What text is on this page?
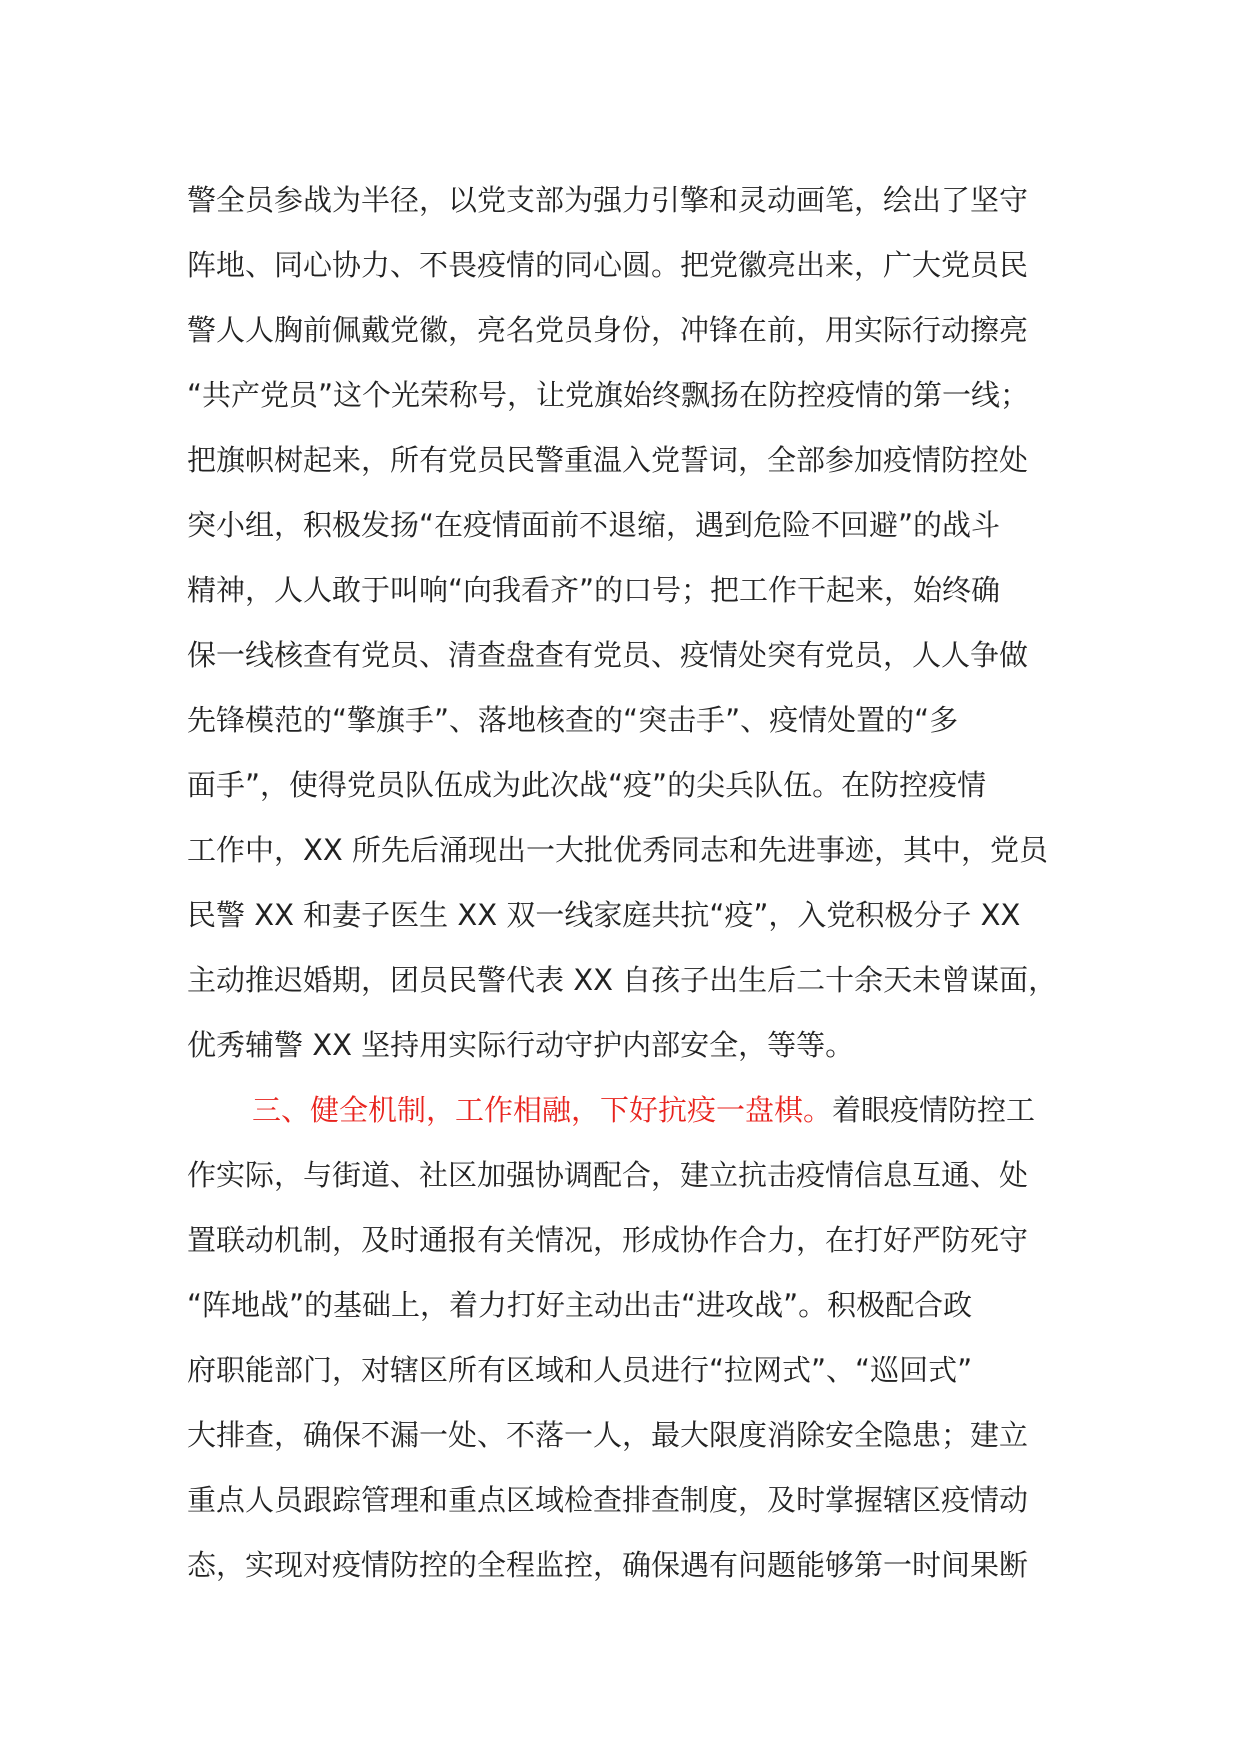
警全员参战为半径，以党支部为强力引擎和灵动画笔，绘出了坚守
阵地、同心协力、不畏疫情的同心圆。把党徽亮出来，广大党员民
警人人胸前佩戴党徽，亮名党员身份，冲锋在前，用实际行动擦亮
“共产党员”这个光荣称号，让党旗始终飘扬在防控疫情的第一线；
把旗帜树起来，所有党员民警重温入党誓词，全部参加疫情防控处
突小组，积极发扬“在疫情面前不退缩，遇到危险不回避”的战斗
精神，人人敢于叫响“向我看齐”的口号；把工作干起来，始终确
保一线核查有党员、清查盘查有党员、疫情处突有党员，人人争做
先锋模范的“擎旗手”、落地核查的“突击手”、疫情处置的“多
面手”，使得党员队伍成为此次战“疫”的尖兵队伍。在防控疫情
工作中，XX 所先后涌现出一大批优秀同志和先进事迹，其中，党员
民警 XX 和妻子医生 XX 双一线家庭共抗“疫”，入党积极分子 XX
主动推迟婚期，团员民警代表 XX 自孩子出生后二十余天未曾谋面，
优秀辅警 XX 坚持用实际行动守护内部安全，等等。
三、健全机制，工作相融，下好抗疫一盘棋。着眼疫情防控工
作实际，与街道、社区加强协调配合，建立抗击疫情信息互通、处
置联动机制，及时通报有关情况，形成协作合力，在打好严防死守
“阵地战”的基础上，着力打好主动出击“进攻战”。积极配合政
府职能部门，对辖区所有区域和人员进行“拉网式”、“巡回式”
大排查，确保不漏一处、不落一人，最大限度消除安全隐患；建立
重点人员跟踪管理和重点区域检查排查制度，及时掌握辖区疫情动
态，实现对疫情防控的全程监控，确保遇有问题能够第一时间果断
